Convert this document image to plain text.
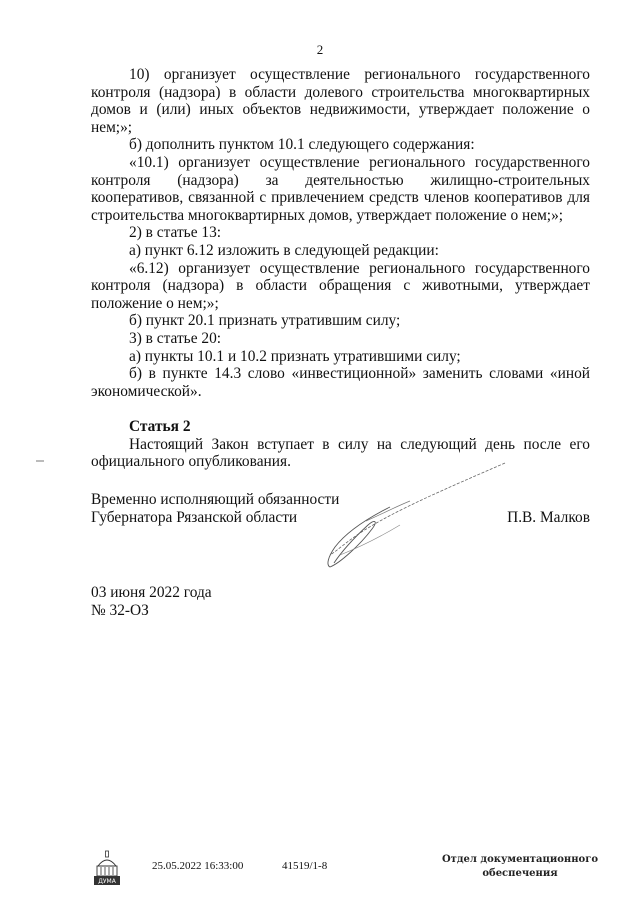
2

10) организует осуществление регионального государственного контроля (надзора) в области долевого строительства многоквартирных домов и (или) иных объектов недвижимости, утверждает положение о нем;»;

б) дополнить пунктом 10.1 следующего содержания:

«10.1) организует осуществление регионального государственного контроля (надзора) за деятельностью жилищно-строительных кооперативов, связанной с привлечением средств членов кооперативов для строительства многоквартирных домов, утверждает положение о нем;»;

2) в статье 13:

а) пункт 6.12 изложить в следующей редакции:

«6.12) организует осуществление регионального государственного контроля (надзора) в области обращения с животными, утверждает положение о нем;»;

б) пункт 20.1 признать утратившим силу;

3) в статье 20:

а) пункты 10.1 и 10.2 признать утратившими силу;

б) в пункте 14.3 слово «инвестиционной» заменить словами «иной экономической».

Статья 2

Настоящий Закон вступает в силу на следующий день после его официального опубликования.

Временно исполняющий обязанности
Губернатора Рязанской области	П.В. Малков
03 июня 2022 года
№ 32-ОЗ
ДУМА
25.05.2022 16:33:00	41519/1-8
Отдел документационного
обеспечения
